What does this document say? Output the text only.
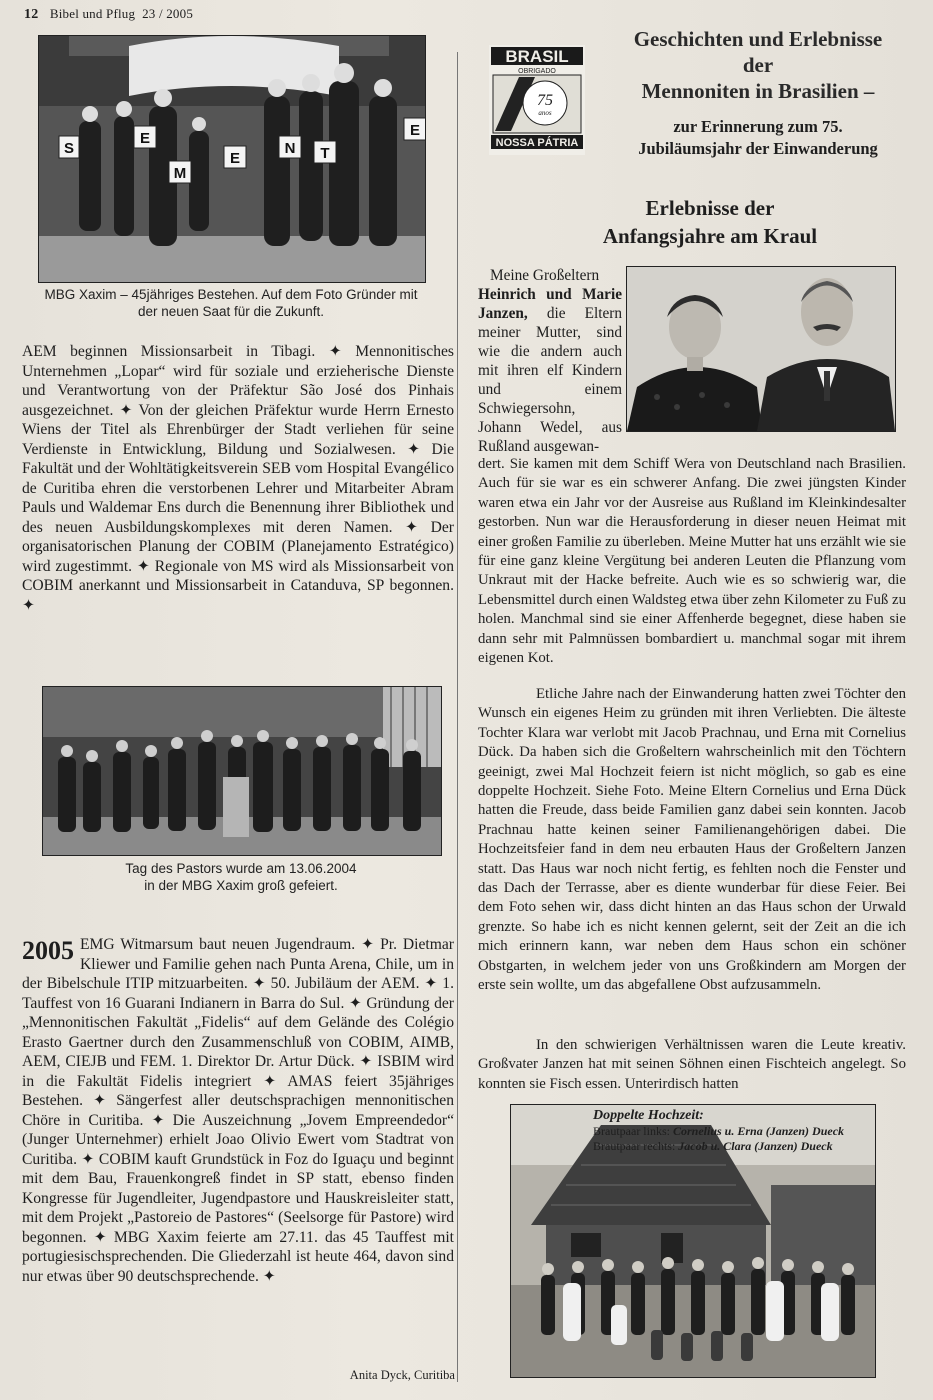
12 Bibel und Pflug 23 / 2005
S
E
M
E
N T
E
MBG Xaxim – 45jähriges Bestehen. Auf dem Foto Gründer mit der neuen Saat für die Zukunft.
AEM beginnen Missionsarbeit in Tibagi. ✦ Mennonitisches Unternehmen „Lopar“ wird für soziale und erzieherische Dienste und Verantwortung von der Präfektur São José dos Pinhais ausgezeichnet. ✦ Von der gleichen Präfektur wurde Herrn Ernesto Wiens der Titel als Ehrenbürger der Stadt verliehen für seine Verdienste in Entwicklung, Bildung und Sozialwesen. ✦ Die Fakultät und der Wohltätigkeitsverein SEB vom Hospital Evangélico de Curitiba ehren die verstorbenen Lehrer und Mitarbeiter Abram Pauls und Waldemar Ens durch die Benennung ihrer Bibliothek und des neuen Ausbildungskomplexes mit deren Namen. ✦ Der organisatorischen Planung der COBIM (Planejamento Estratégico) wird zugestimmt. ✦ Regionale von MS wird als Missionsarbeit von COBIM anerkannt und Missionsarbeit in Catanduva, SP begonnen. ✦
Tag des Pastors wurde am 13.06.2004
in der MBG Xaxim groß gefeiert.
2005 EMG Witmarsum baut neuen Jugendraum. ✦ Pr. Dietmar Kliewer und Familie gehen nach Punta Arena, Chile, um in der Bibelschule ITIP mitzuarbeiten. ✦ 50. Jubiläum der AEM. ✦ 1. Tauffest von 16 Guarani Indianern in Barra do Sul. ✦ Gründung der „Mennonitischen Fakultät „Fidelis“ auf dem Gelände des Colégio Erasto Gaertner durch den Zusammenschluß von COBIM, AIMB, AEM, CIEJB und FEM. 1. Direktor Dr. Artur Dück. ✦ ISBIM wird in die Fakultät Fidelis integriert ✦ AMAS feiert 35jähriges Bestehen. ✦ Sängerfest aller deutschsprachigen mennonitischen Chöre in Curitiba. ✦ Die Auszeichnung „Jovem Empreendedor“ (Junger Unternehmer) erhielt Joao Olivio Ewert vom Stadtrat von Curitiba. ✦ COBIM kauft Grundstück in Foz do Iguaçu und beginnt mit dem Bau, Frauenkongreß findet in SP statt, ebenso finden Kongresse für Jugendleiter, Jugendpastore und Hauskreisleiter statt, mit dem Projekt „Pastoreio de Pastores“ (Seelsorge für Pastore) wird begonnen. ✦ MBG Xaxim feierte am 27.11. das 45 Tauffest mit portugiesischsprechenden. Die Gliederzahl ist heute 464, davon sind nur etwas über 90 deutschsprechende. ✦
Anita Dyck, Curitiba
BRASIL
OBRIGADO
75
anos
NOSSA PÁTRIA
Geschichten und Erlebnisse
der
Mennoniten in Brasilien –
zur Erinnerung zum 75.
Jubiläumsjahr der Einwanderung
Erlebnisse der
Anfangsjahre am Kraul
Meine Großeltern
Heinrich und Marie Janzen, die Eltern meiner Mutter, sind wie die andern auch mit ihren elf Kindern und einem Schwiegersohn, Johann Wedel, aus Rußland ausgewan-
dert. Sie kamen mit dem Schiff Wera von Deutschland nach Brasilien. Auch für sie war es ein schwerer Anfang. Die zwei jüngsten Kinder waren etwa ein Jahr vor der Ausreise aus Rußland im Kleinkindesalter gestorben. Nun war die Herausforderung in dieser neuen Heimat mit einer großen Familie zu überleben. Meine Mutter hat uns erzählt wie sie für eine ganz kleine Vergütung bei anderen Leuten die Pflanzung vom Unkraut mit der Hacke befreite. Auch wie es so schwierig war, die Lebensmittel durch einen Waldsteg etwa über zehn Kilometer zu Fuß zu holen. Manchmal sind sie einer Affenherde begegnet, diese haben sie dann sehr mit Palmnüssen bombardiert u. manchmal sogar mit ihrem eigenen Kot.
Etliche Jahre nach der Einwanderung hatten zwei Töchter den Wunsch ein eigenes Heim zu gründen mit ihren Verliebten. Die älteste Tochter Klara war verlobt mit Jacob Prachnau, und Erna mit Cornelius Dück. Da haben sich die Großeltern wahrscheinlich mit den Töchtern geeinigt, zwei Mal Hochzeit feiern ist nicht möglich, so gab es eine doppelte Hochzeit. Siehe Foto. Meine Eltern Cornelius und Erna Dück hatten die Freude, dass beide Familien ganz dabei sein konnten. Jacob Prachnau hatte keinen seiner Familienangehörigen dabei. Die Hochzeitsfeier fand in dem neu erbauten Haus der Großeltern Janzen statt. Das Haus war noch nicht fertig, es fehlten noch die Fenster und das Dach der Terrasse, aber es diente wunderbar für diese Feier. Bei dem Foto sehen wir, dass dicht hinten an das Haus schon der Urwald grenzte. So habe ich es nicht kennen gelernt, seit der Zeit an die ich mich erinnern kann, war neben dem Haus schon ein schöner Obstgarten, in welchem jeder von uns Großkindern am Morgen der erste sein wollte, um das abgefallene Obst aufzusammeln.
In den schwierigen Verhältnissen waren die Leute kreativ. Großvater Janzen hat mit seinen Söhnen einen Fischteich angelegt. So konnten sie Fisch essen. Unterirdisch hatten
Doppelte Hochzeit:
Brautpaar links: Cornelius u. Erna (Janzen) Dueck
Brautpaar rechts: Jacob u. Clara (Janzen) Dueck
